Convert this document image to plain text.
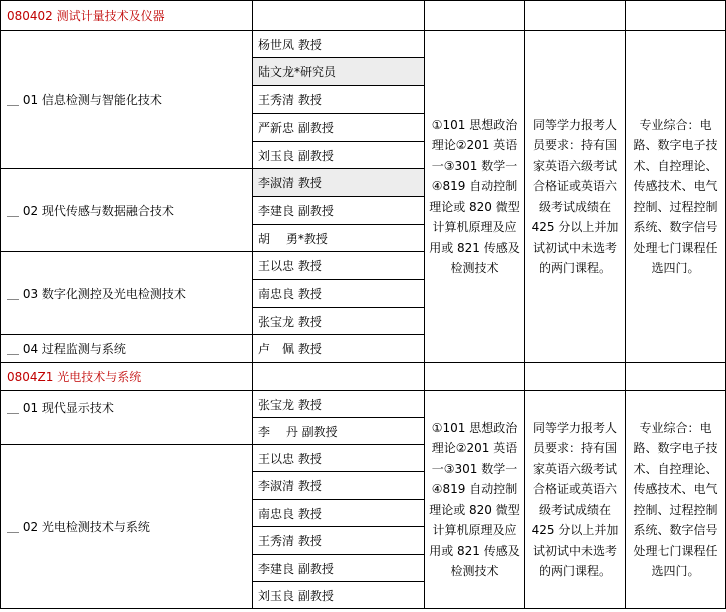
080402 测试计量技术及仪器				
＿ 01 信息检测与智能化技术	杨世凤 教授	①101 思想政治理论②201 英语一③301 数学一④819 自动控制理论或 820 微型计算机原理及应用或 821 传感及检测技术	同等学力报考人员要求：持有国家英语六级考试合格证或英语六级考试成绩在 425 分以上并加试初试中未选考的两门课程。	专业综合：电路、数字电子技术、自控理论、传感技术、电气控制、过程控制系统、数字信号处理七门课程任选四门。
	陆文龙*研究员			
	王秀清 教授			
	严新忠 副教授			
	刘玉良 副教授			
＿ 02 现代传感与数据融合技术	李淑清 教授			
	李建良 副教授			
	胡　 勇*教授			
＿ 03 数字化测控及光电检测技术	王以忠 教授			
	南忠良 教授			
	张宝龙 教授			
＿ 04 过程监测与系统	卢　佩 教授			
0804Z1 光电技术与系统				
＿ 01 现代显示技术	张宝龙 教授	①101 思想政治理论②201 英语一③301 数学一④819 自动控制理论或 820 微型计算机原理及应用或 821 传感及检测技术	同等学力报考人员要求：持有国家英语六级考试合格证或英语六级考试成绩在 425 分以上并加试初试中未选考的两门课程。	专业综合：电路、数字电子技术、自控理论、传感技术、电气控制、过程控制系统、数字信号处理七门课程任选四门。
	李　 丹 副教授			
＿ 02 光电检测技术与系统	王以忠 教授			
	李淑清 教授			
	南忠良 教授			
	王秀清 教授			
	李建良 副教授			
	刘玉良 副教授			
